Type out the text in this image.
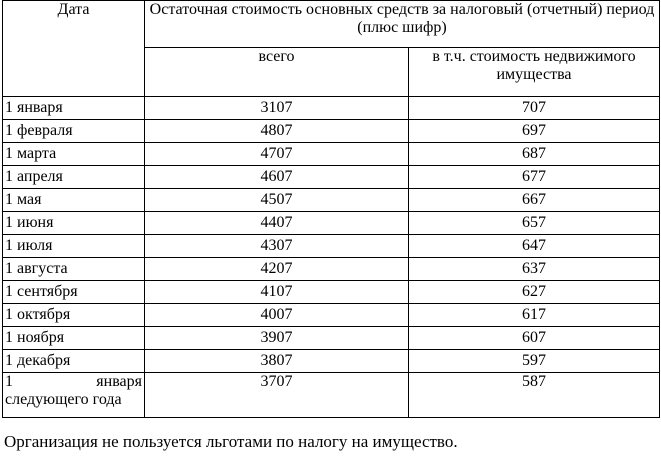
Дата	Остаточная стоимость основных средств за налоговый (отчетный) период (плюс шифр)	
	всего	в т.ч. стоимость недвижимого имущества
1 января	3107	707
1 февраля	4807	697
1 марта	4707	687
1 апреля	4607	677
1 мая	4507	667
1 июня	4407	657
1 июля	4307	647
1 августа	4207	637
1 сентября	4107	627
1 октября	4007	617
1 ноября	3907	607
1 декабря	3807	597

1 января
следующего года	3707	587
Организация не пользуется льготами по налогу на имущество.
